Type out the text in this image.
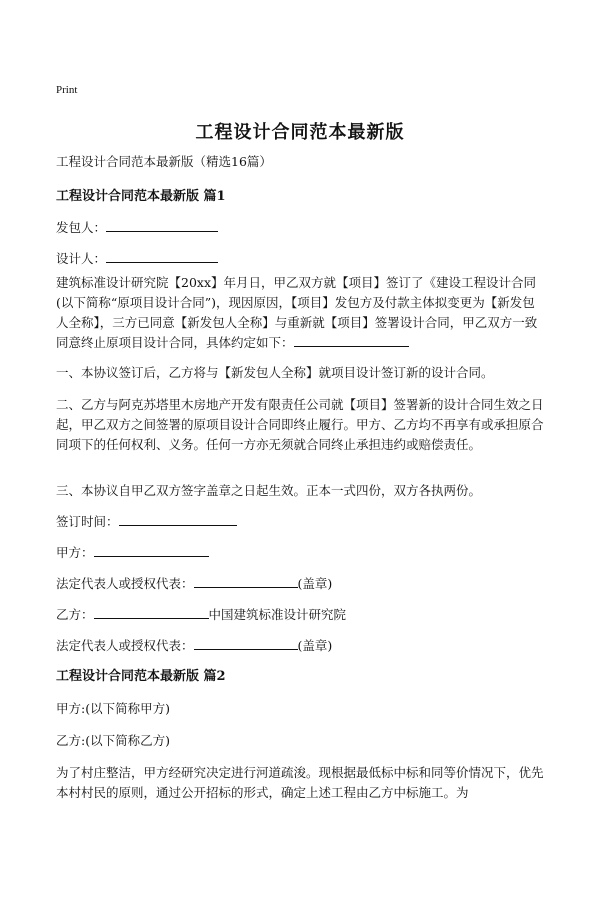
Print
工程设计合同范本最新版
工程设计合同范本最新版（精选16篇）
工程设计合同范本最新版 篇1
发包人：
设计人：
建筑标准设计研究院【20xx】年月日，甲乙双方就【项目】签订了《建设工程设计合同(以下简称“原项目设计合同”)，现因原因，【项目】发包方及付款主体拟变更为【新发包人全称】，三方已同意【新发包人全称】与重新就【项目】签署设计合同，甲乙双方一致同意终止原项目设计合同，具体约定如下：
一、本协议签订后，乙方将与【新发包人全称】就项目设计签订新的设计合同。
二、乙方与阿克苏塔里木房地产开发有限责任公司就【项目】签署新的设计合同生效之日起，甲乙双方之间签署的原项目设计合同即终止履行。甲方、乙方均不再享有或承担原合同项下的任何权利、义务。任何一方亦无须就合同终止承担违约或赔偿责任。
三、本协议自甲乙双方签字盖章之日起生效。正本一式四份，双方各执两份。
签订时间：
甲方：
法定代表人或授权代表：	(盖章)
乙方：	中国建筑标准设计研究院
法定代表人或授权代表：	(盖章)
工程设计合同范本最新版 篇2
甲方:(以下简称甲方)
乙方:(以下简称乙方)
为了村庄整洁，甲方经研究决定进行河道疏浚。现根据最低标中标和同等价情况下，优先本村村民的原则，通过公开招标的形式，确定上述工程由乙方中标施工。为
